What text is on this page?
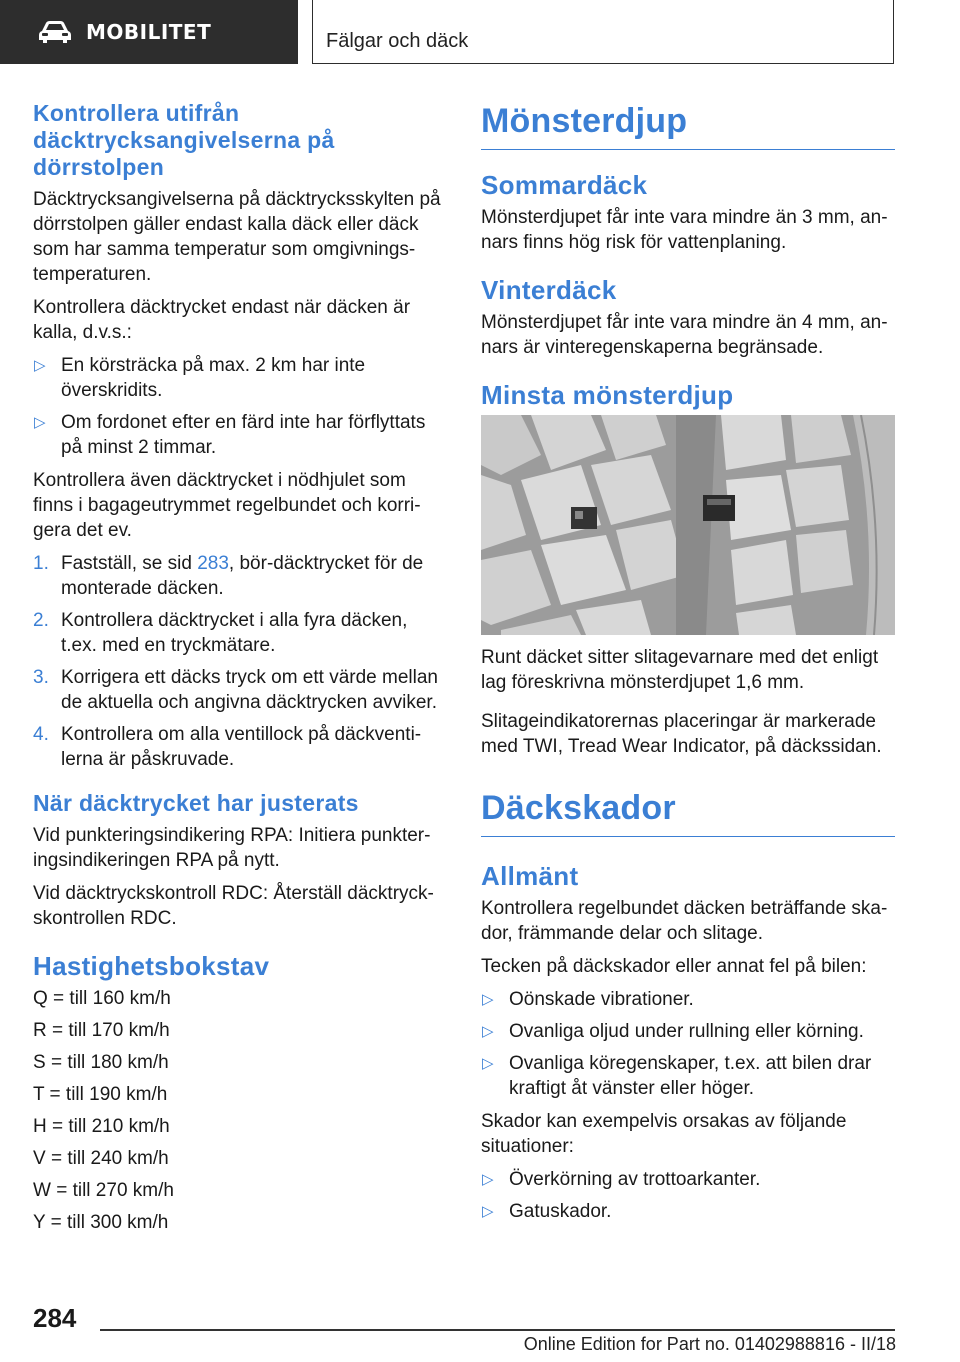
MOBILITET	Fälgar och däck
Kontrollera utifrån däcktrycksangivelserna på dörrstolpen

Däcktrycksangivelserna på däcktrycksskylten på dörrstolpen gäller endast kalla däck eller däck som har samma temperatur som omgivningstemperaturen.

Kontrollera däcktrycket endast när däcken är kalla, d.v.s.:

▷ En körsträcka på max. 2 km har inte överskridits.
▷ Om fordonet efter en färd inte har förflyttats på minst 2 timmar.

Kontrollera även däcktrycket i nödhjulet som finns i bagageutrymmet regelbundet och korrigera det ev.

1. Fastställ, se sid 283, bör-däcktrycket för de monterade däcken.
2. Kontrollera däcktrycket i alla fyra däcken, t.ex. med en tryckmätare.
3. Korrigera ett däcks tryck om ett värde mellan de aktuella och angivna däcktrycken avviker.
4. Kontrollera om alla ventillock på däckventilerna är påskruvade.
När däcktrycket har justerats

Vid punkteringsindikering RPA: Initiera punkteringsindikeringen RPA på nytt.

Vid däcktryckskontroll RDC: Återställ däcktryckskontrollen RDC.

Hastighetsbokstav

Q = till 160 km/h

R = till 170 km/h

S = till 180 km/h

T = till 190 km/h

H = till 210 km/h

V = till 240 km/h

W = till 270 km/h

Y = till 300 km/h

Mönsterdjup
Sommardäck

Mönsterdjupet får inte vara mindre än 3 mm, annars finns hög risk för vattenplaning.

Vinterdäck

Mönsterdjupet får inte vara mindre än 4 mm, annars är vinteregenskaperna begränsade.

Minsta mönsterdjup

Runt däcket sitter slitagevarnare med det enligt lag föreskrivna mönsterdjupet 1,6 mm.

Slitageindikatorernas placeringar är markerade med TWI, Tread Wear Indicator, på däckssidan.

Däckskador
Allmänt

Kontrollera regelbundet däcken beträffande skador, främmande delar och slitage.

Tecken på däckskador eller annat fel på bilen:

▷ Oönskade vibrationer.
▷ Ovanliga oljud under rullning eller körning.
▷ Ovanliga köregenskaper, t.ex. att bilen drar kraftigt åt vänster eller höger.

Skador kan exempelvis orsakas av följande situationer:

▷ Överkörning av trottoarkanter.
▷ Gatuskador.
284
Online Edition for Part no. 01402988816 - II/18
